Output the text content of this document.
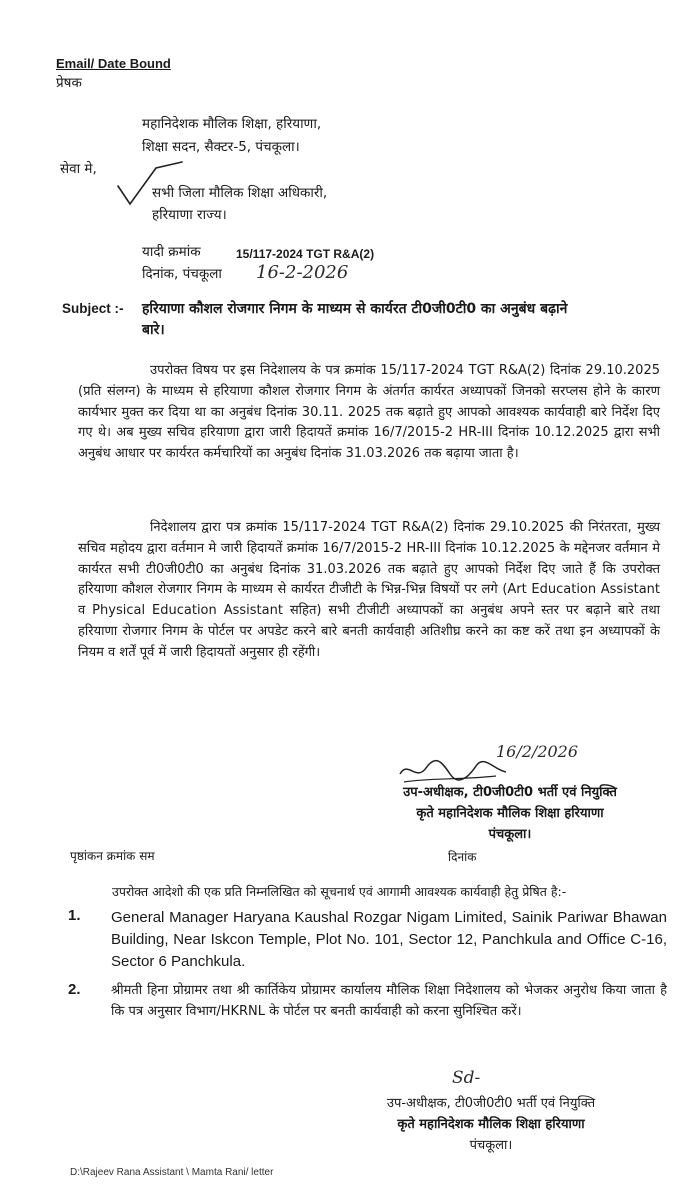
Email/ Date Bound
प्रेषक
महानिदेशक मौलिक शिक्षा, हरियाणा,
शिक्षा सदन, सैक्टर-5, पंचकूला।
सेवा मे,
सभी जिला मौलिक शिक्षा अधिकारी,
हरियाणा राज्य।
यादी क्रमांक	15/117-2024 TGT R&A(2)
दिनांक, पंचकूला 16-2-2026
Subject :- हरियाणा कौशल रोजगार निगम के माध्यम से कार्यरत टी0जी0टी0 का अनुबंध बढ़ाने
बारे।
उपरोक्त विषय पर इस निदेशालय के पत्र क्रमांक 15/117-2024 TGT R&A(2) दिनांक 29.10.2025 (प्रति संलग्न) के माध्यम से हरियाणा कौशल रोजगार निगम के अंतर्गत कार्यरत अध्यापकों जिनको सरप्लस होने के कारण कार्यभार मुक्त कर दिया था का अनुबंध दिनांक 30.11. 2025 तक बढ़ाते हुए आपको आवश्यक कार्यवाही बारे निर्देश दिए गए थे। अब मुख्य सचिव हरियाणा द्वारा जारी हिदायतें क्रमांक 16/7/2015-2 HR-III दिनांक 10.12.2025 द्वारा सभी अनुबंध आधार पर कार्यरत कर्मचारियों का अनुबंध दिनांक 31.03.2026 तक बढ़ाया जाता है।
निदेशालय द्वारा पत्र क्रमांक 15/117-2024 TGT R&A(2) दिनांक 29.10.2025 की निरंतरता, मुख्य सचिव महोदय द्वारा वर्तमान मे जारी हिदायतें क्रमांक 16/7/2015-2 HR-III दिनांक 10.12.2025 के मद्देनजर वर्तमान मे कार्यरत सभी टी0जी0टी0 का अनुबंध दिनांक 31.03.2026 तक बढ़ाते हुए आपको निर्देश दिए जाते हैं कि उपरोक्त हरियाणा कौशल रोजगार निगम के माध्यम से कार्यरत टीजीटी के भिन्न-भिन्न विषयों पर लगे (Art Education Assistant व Physical Education Assistant सहित) सभी टीजीटी अध्यापकों का अनुबंध अपने स्तर पर बढ़ाने बारे तथा हरियाणा रोजगार निगम के पोर्टल पर अपडेट करने बारे बनती कार्यवाही अतिशीघ्र करने का कष्ट करें तथा इन अध्यापकों के नियम व शर्तें पूर्व में जारी हिदायतों अनुसार ही रहेंगी।
16/2/2026
उप-अधीक्षक, टी0जी0टी0 भर्ती एवं नियुक्ति
कृते महानिदेशक मौलिक शिक्षा हरियाणा
पंचकूला।
पृष्ठांकन क्रमांक सम	दिनांक
उपरोक्त आदेशो की एक प्रति निम्नलिखित को सूचनार्थ एवं आगामी आवश्यक कार्यवाही हेतु प्रेषित है:-
1. General Manager Haryana Kaushal Rozgar Nigam Limited, Sainik Pariwar Bhawan Building, Near Iskcon Temple, Plot No. 101, Sector 12, Panchkula and Office C-16, Sector 6 Panchkula.
2. श्रीमती हिना प्रोग्रामर तथा श्री कार्तिकेय प्रोग्रामर कार्यालय मौलिक शिक्षा निदेशालय को भेजकर अनुरोध किया जाता है कि पत्र अनुसार विभाग/HKRNL के पोर्टल पर बनती कार्यवाही को करना सुनिश्चित करें।
Sd-
उप-अधीक्षक, टी0जी0टी0 भर्ती एवं नियुक्ति
कृते महानिदेशक मौलिक शिक्षा हरियाणा
पंचकूला।
D:\Rajeev Rana Assistant \ Mamta Rani/ letter
